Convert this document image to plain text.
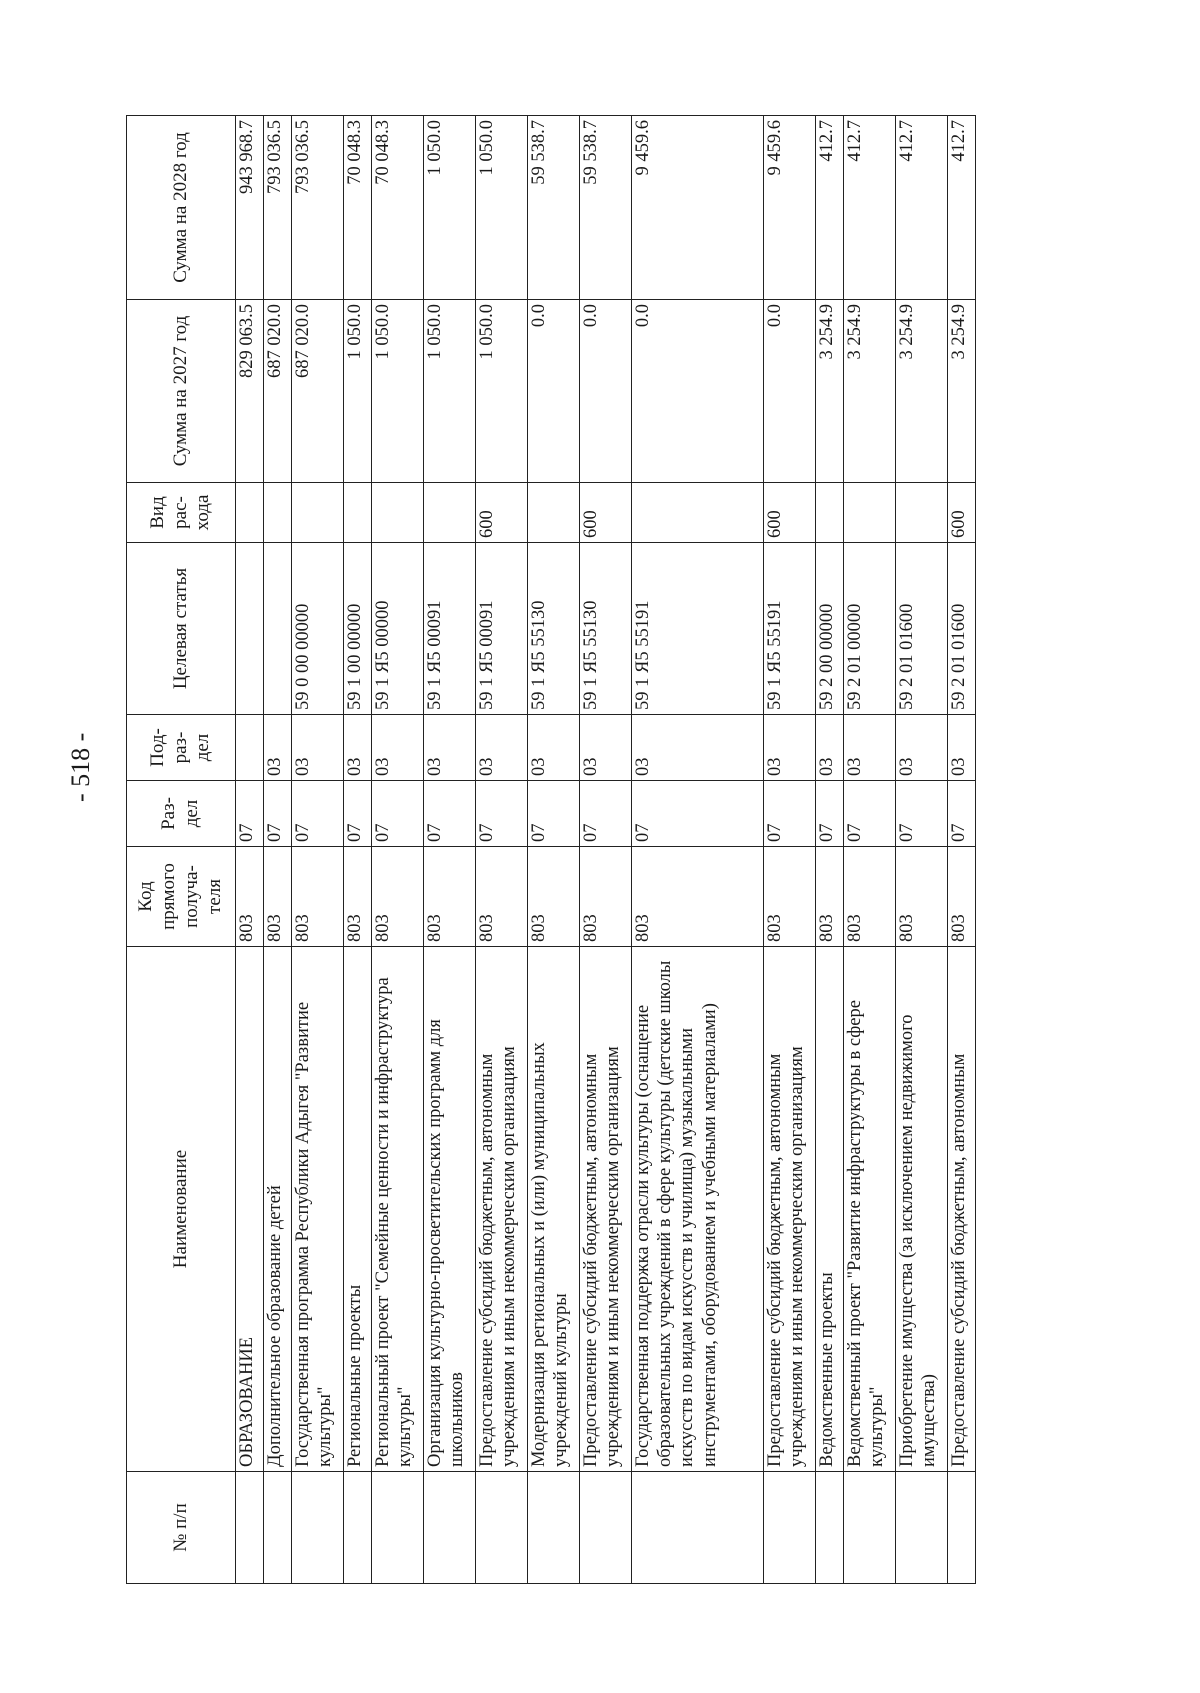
- 518 -
№ п/п	Наименование	Код прямого получа-теля	Раз-дел	Под-раз-дел	Целевая статья	Вид рас-хода	Сумма на 2027 год	Сумма на 2028 год
	ОБРАЗОВАНИЕ	803	07				829 063.5	943 968.7
	Дополнительное образование детей	803	07	03			687 020.0	793 036.5
	Государственная программа Республики Адыгея "Развитие культуры"	803	07	03	59 0 00 00000		687 020.0	793 036.5
	Региональные проекты	803	07	03	59 1 00 00000		1 050.0	70 048.3
	Региональный проект "Семейные ценности и инфраструктура культуры"	803	07	03	59 1 Я5 00000		1 050.0	70 048.3
	Организация культурно-просветительских программ для школьников	803	07	03	59 1 Я5 00091		1 050.0	1 050.0
	Предоставление субсидий бюджетным, автономным учреждениям и иным некоммерческим организациям	803	07	03	59 1 Я5 00091	600	1 050.0	1 050.0
	Модернизация региональных и (или) муниципальных учреждений культуры	803	07	03	59 1 Я5 55130		0.0	59 538.7
	Предоставление субсидий бюджетным, автономным учреждениям и иным некоммерческим организациям	803	07	03	59 1 Я5 55130	600	0.0	59 538.7
	Государственная поддержка отрасли культуры (оснащение образовательных учреждений в сфере культуры (детские школы искусств по видам искусств и училища) музыкальными инструментами, оборудованием и учебными материалами)	803	07	03	59 1 Я5 55191		0.0	9 459.6
	Предоставление субсидий бюджетным, автономным учреждениям и иным некоммерческим организациям	803	07	03	59 1 Я5 55191	600	0.0	9 459.6
	Ведомственные проекты	803	07	03	59 2 00 00000		3 254.9	412.7
	Ведомственный проект "Развитие инфраструктуры в сфере культуры"	803	07	03	59 2 01 00000		3 254.9	412.7
	Приобретение имущества (за исключением недвижимого имущества)	803	07	03	59 2 01 01600		3 254.9	412.7
	Предоставление субсидий бюджетным, автономным	803	07	03	59 2 01 01600	600	3 254.9	412.7
